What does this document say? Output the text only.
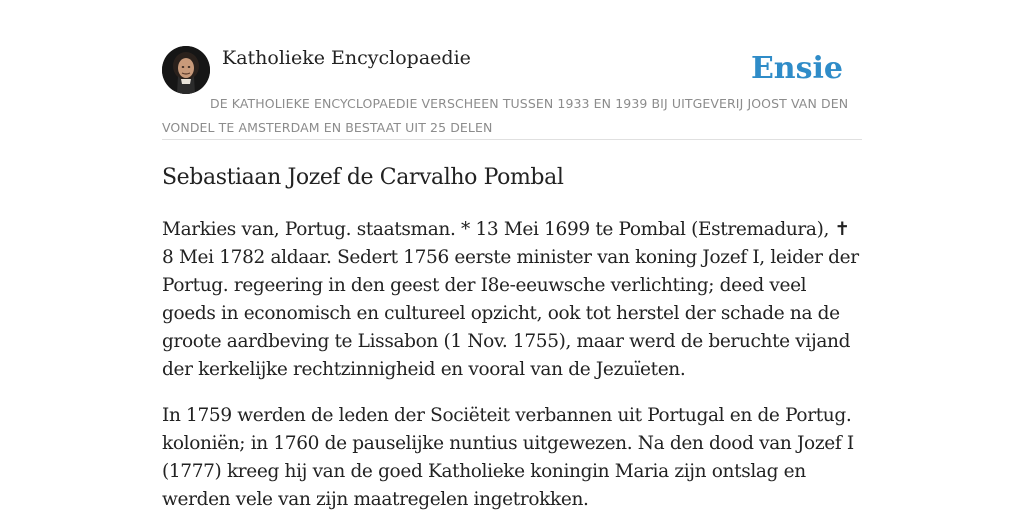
Katholieke Encyclopaedie	Ensie
DE KATHOLIEKE ENCYCLOPAEDIE VERSCHEEN TUSSEN 1933 EN 1939 BIJ UITGEVERIJ JOOST VAN DEN VONDEL TE AMSTERDAM EN BESTAAT UIT 25 DELEN
Sebastiaan Jozef de Carvalho Pombal

Markies van, Portug. staatsman. * 13 Mei 1699 te Pombal (Estremadura), ✝ 8 Mei 1782 aldaar. Sedert 1756 eerste minister van koning Jozef I, leider der Portug. regeering in den geest der I8e-eeuwsche verlichting; deed veel goeds in economisch en cultureel opzicht, ook tot herstel der schade na de groote aardbeving te Lissabon (1 Nov. 1755), maar werd de beruchte vijand der kerkelijke rechtzinnigheid en vooral van de Jezuïeten.

In 1759 werden de leden der Sociëteit verbannen uit Portugal en de Portug. koloniën; in 1760 de pauselijke nuntius uitgewezen. Na den dood van Jozef I (1777) kreeg hij van de goed Katholieke koningin Maria zijn ontslag en werden vele van zijn maatregelen ingetrokken.
